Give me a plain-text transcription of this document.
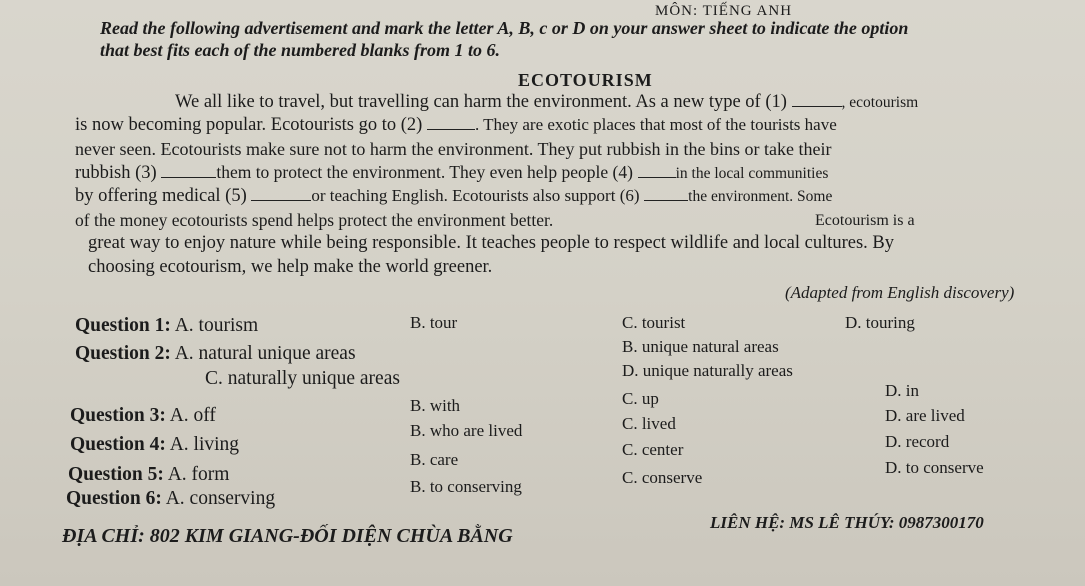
MÔN: TIẾNG ANH
Read the following advertisement and mark the letter A, B, c or D on your answer sheet to indicate the option
that best fits each of the numbered blanks from 1 to 6.
ECOTOURISM
We all like to travel, but travelling can harm the environment. As a new type of (1)	, ecotourism
is now becoming popular. Ecotourists go to (2)	. They are exotic places that most of the tourists have
never seen. Ecotourists make sure not to harm the environment. They put rubbish in the bins or take their
rubbish (3)	them to protect the environment. They even help people (4)	in the local communities
by offering medical (5)	or teaching English. Ecotourists also support (6)	the environment. Some
of the money ecotourists spend helps protect the environment better.	Ecotourism is a
great way to enjoy nature while being responsible. It teaches people to respect wildlife and local cultures. By
choosing ecotourism, we help make the world greener.
(Adapted from English discovery)
Question 1: A. tourism	B. tour	C. tourist	D. touring
Question 2: A. natural unique areas	B. unique natural areas
C. naturally unique areas	D. unique naturally areas
Question 3: A. off	B. with	C. up	D. in
Question 4: A. living
B. who are lived	C. lived	D. are lived
Question 5: A. form
B. care
C. center	D. record
Question 6: A. conserving
B. to conserving	C. conserve
D. to conserve
ĐỊA CHỈ: 802 KIM GIANG-ĐỐI DIỆN CHÙA BẰNG
LIÊN HỆ: MS LÊ THÚY: 0987300170
